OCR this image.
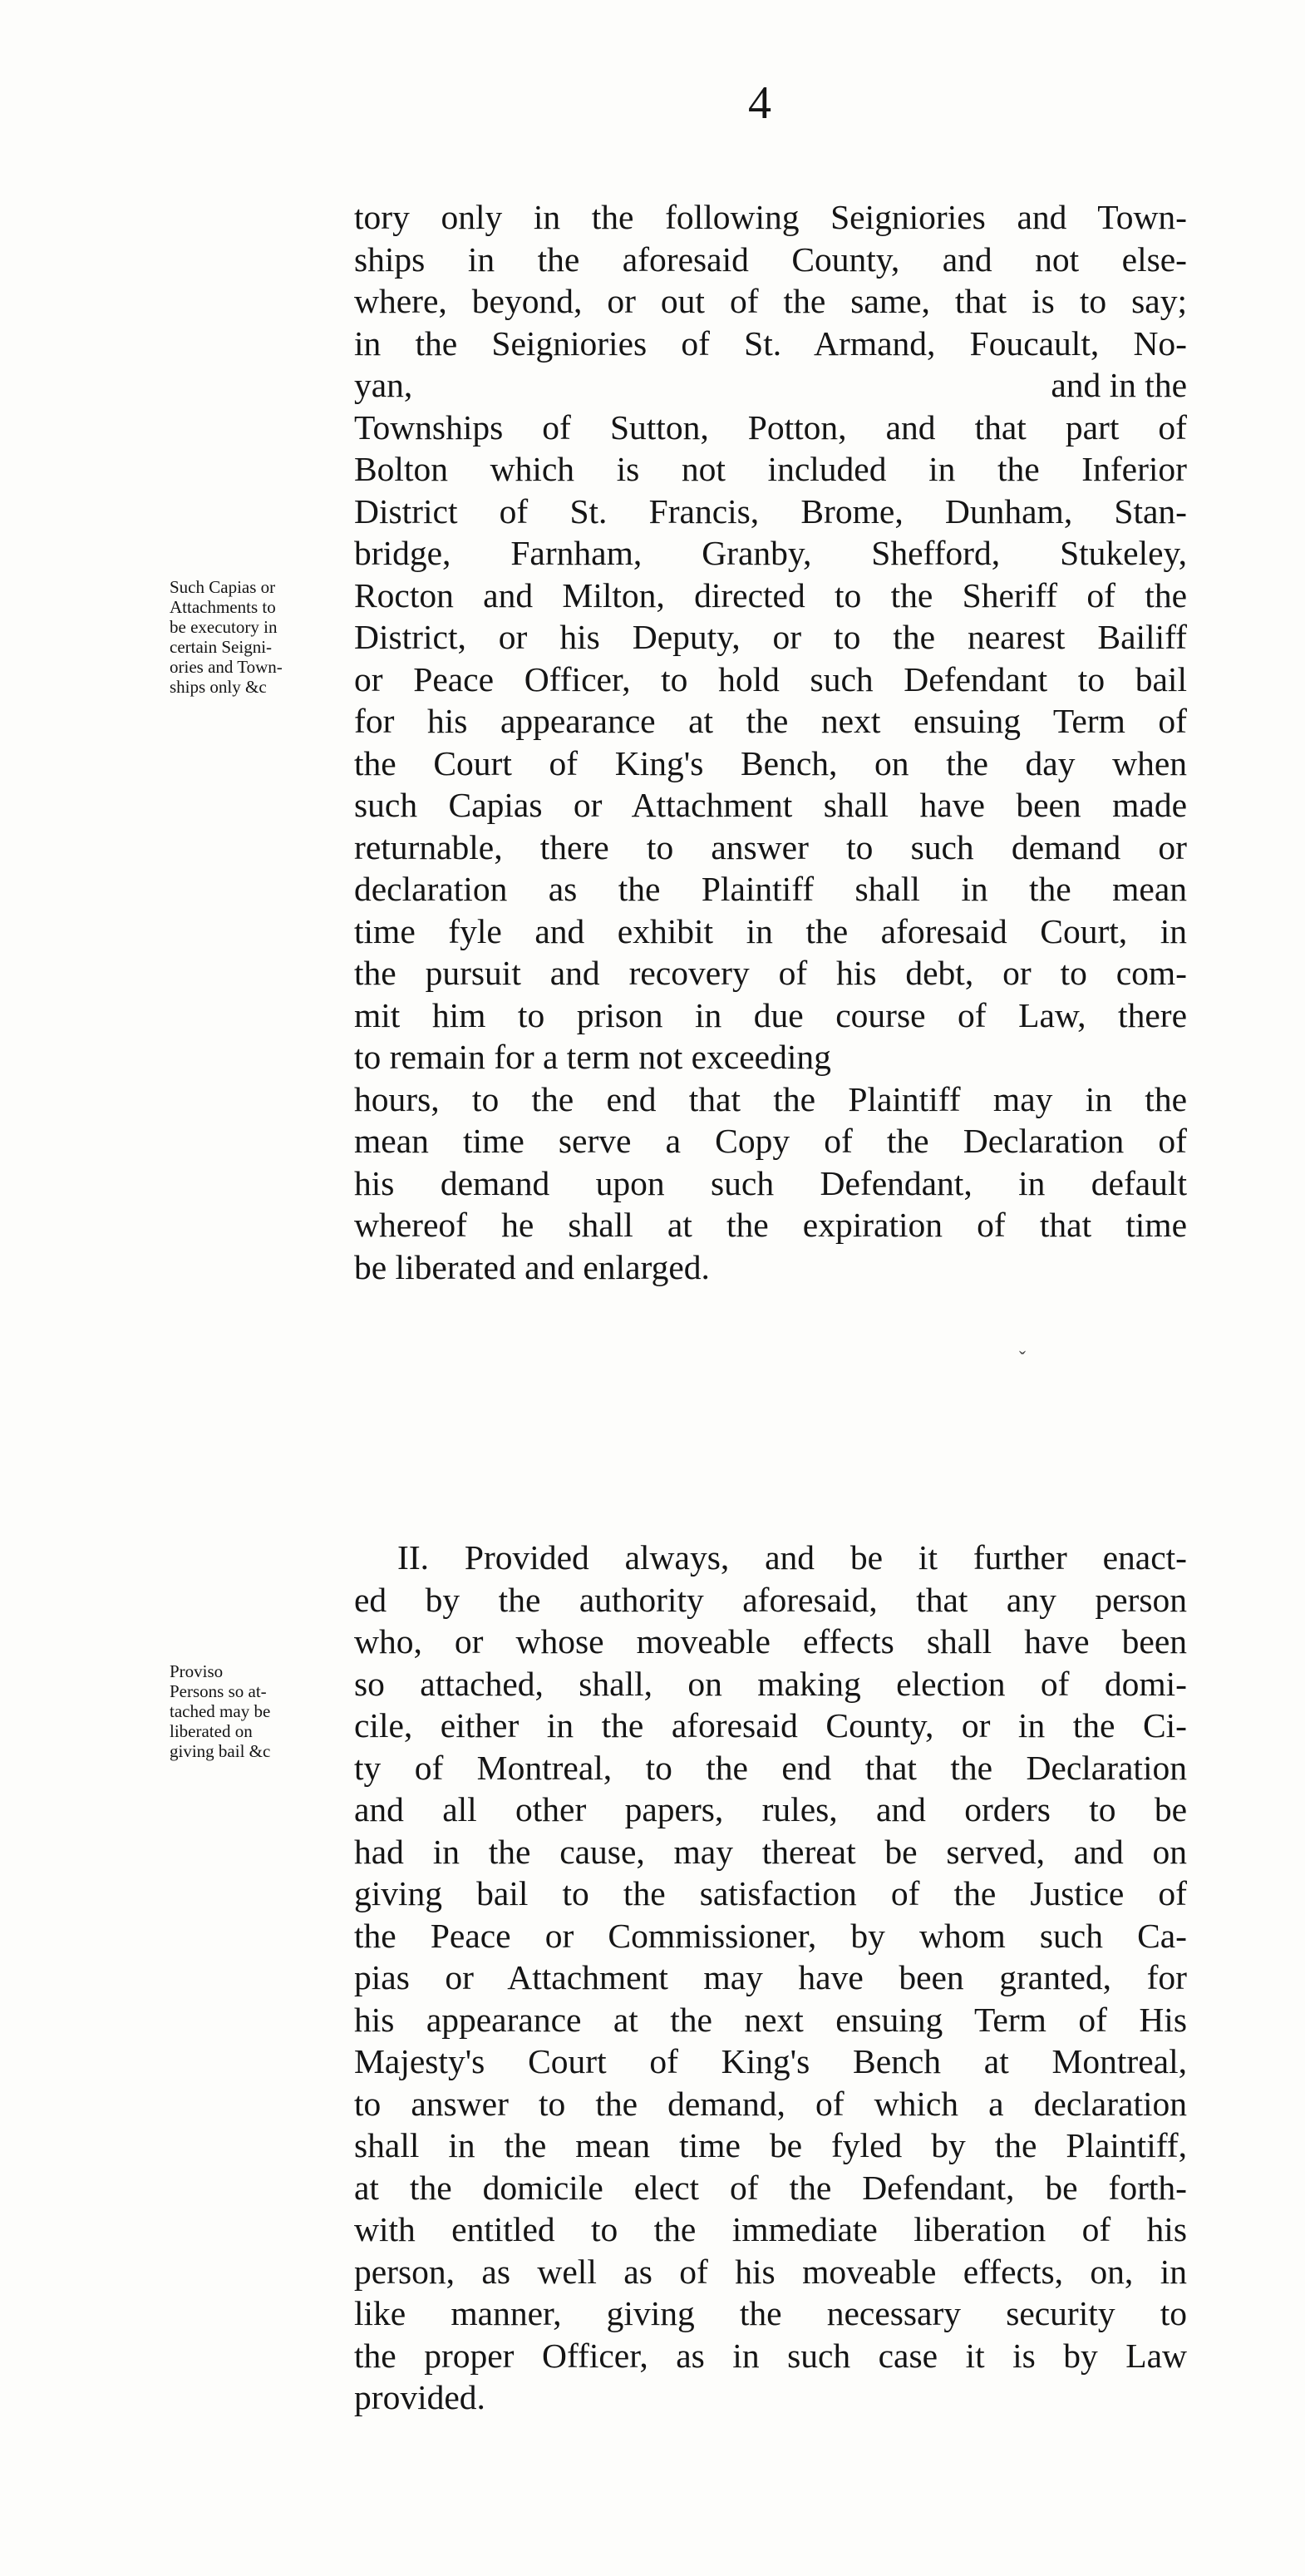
4
tory only in the following Seigniories and Town-
ships in the aforesaid County, and not else-
where, beyond, or out of the same, that is to say;
in the Seigniories of St. Armand, Foucault, No-
yan,	and in the
Townships of Sutton, Potton, and that part of
Bolton which is not included in the Inferior
District of St. Francis, Brome, Dunham, Stan-
bridge, Farnham, Granby, Shefford, Stukeley,
Rocton and Milton, directed to the Sheriff of the
District, or his Deputy, or to the nearest Bailiff
or Peace Officer, to hold such Defendant to bail
for his appearance at the next ensuing Term of
the Court of King's Bench, on the day when
such Capias or Attachment shall have been made
returnable, there to answer to such demand or
declaration as the Plaintiff shall in the mean
time fyle and exhibit in the aforesaid Court, in
the pursuit and recovery of his debt, or to com-
mit him to prison in due course of Law, there
to remain for a term not exceeding
hours, to the end that the Plaintiff may in the
mean time serve a Copy of the Declaration of
his demand upon such Defendant, in default
whereof he shall at the expiration of that time
be liberated and enlarged.
Such Capias or
Attachments to
be executory in
certain Seigni-
ories and Town-
ships only &c
ˇ
II. Provided always, and be it further enact-
ed by the authority aforesaid, that any person
who, or whose moveable effects shall have been
so attached, shall, on making election of domi-
cile, either in the aforesaid County, or in the Ci-
ty of Montreal, to the end that the Declaration
and all other papers, rules, and orders to be
had in the cause, may thereat be served, and on
giving bail to the satisfaction of the Justice of
the Peace or Commissioner, by whom such Ca-
pias or Attachment may have been granted, for
his appearance at the next ensuing Term of His
Majesty's Court of King's Bench at Montreal,
to answer to the demand, of which a declaration
shall in the mean time be fyled by the Plaintiff,
at the domicile elect of the Defendant, be forth-
with entitled to the immediate liberation of his
person, as well as of his moveable effects, on, in
like manner, giving the necessary security to
the proper Officer, as in such case it is by Law
provided.
Proviso
Persons so at-
tached may be
liberated on
giving bail &c
